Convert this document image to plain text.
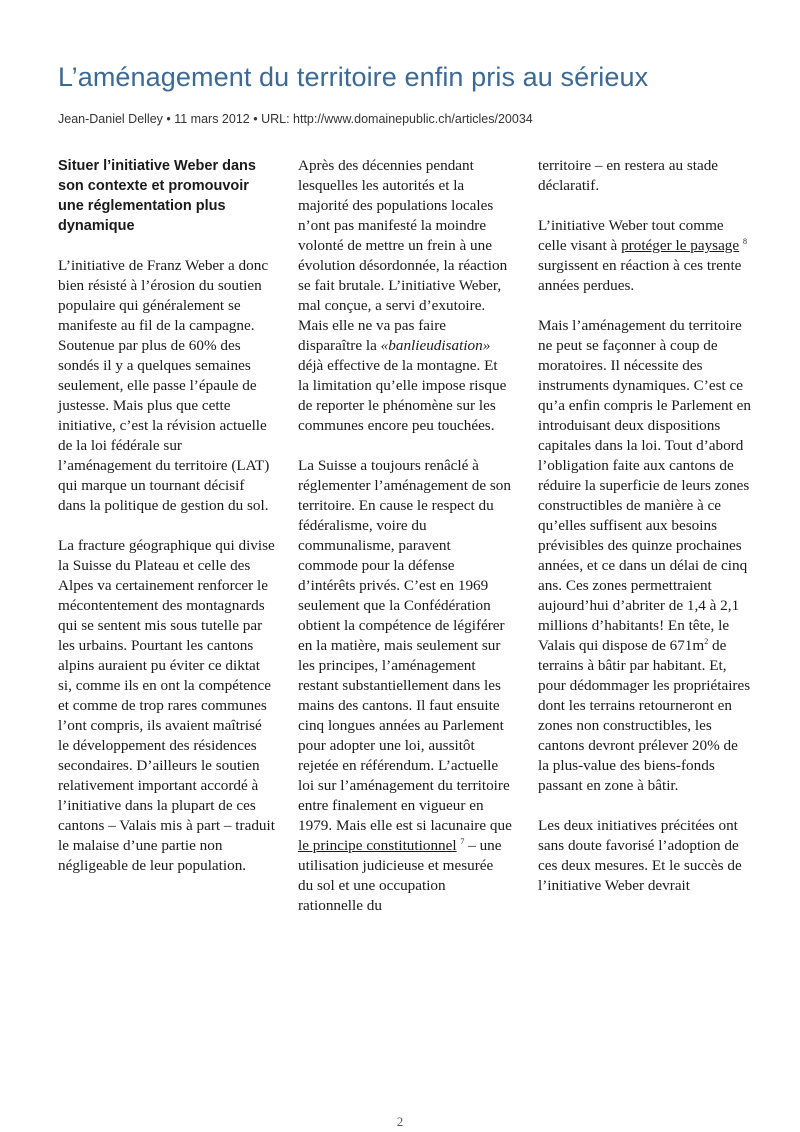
L’aménagement du territoire enfin pris au sérieux

Jean-Daniel Delley • 11 mars 2012 • URL: http://www.domainepublic.ch/articles/20034

Situer l’initiative Weber dans son contexte et promouvoir une réglementation plus dynamique

L’initiative de Franz Weber a donc bien résisté à l’érosion du soutien populaire qui généralement se manifeste au fil de la campagne. Soutenue par plus de 60% des sondés il y a quelques semaines seulement, elle passe l’épaule de justesse. Mais plus que cette initiative, c’est la révision actuelle de la loi fédérale sur l’aménagement du territoire (LAT) qui marque un tournant décisif dans la politique de gestion du sol.

La fracture géographique qui divise la Suisse du Plateau et celle des Alpes va certainement renforcer le mécontentement des montagnards qui se sentent mis sous tutelle par les urbains. Pourtant les cantons alpins auraient pu éviter ce diktat si, comme ils en ont la compétence et comme de trop rares communes l’ont compris, ils avaient maîtrisé le développement des résidences secondaires. D’ailleurs le soutien relativement important accordé à l’initiative dans la plupart de ces cantons – Valais mis à part – traduit le malaise d’une partie non négligeable de leur population.

Après des décennies pendant lesquelles les autorités et la majorité des populations locales n’ont pas manifesté la moindre volonté de mettre un frein à une évolution désordonnée, la réaction se fait brutale. L’initiative Weber, mal conçue, a servi d’exutoire. Mais elle ne va pas faire disparaître la «banlieudisation» déjà effective de la montagne. Et la limitation qu’elle impose risque de reporter le phénomène sur les communes encore peu touchées.

La Suisse a toujours renâclé à réglementer l’aménagement de son territoire. En cause le respect du fédéralisme, voire du communalisme, paravent commode pour la défense d’intérêts privés. C’est en 1969 seulement que la Confédération obtient la compétence de légiférer en la matière, mais seulement sur les principes, l’aménagement restant substantiellement dans les mains des cantons. Il faut ensuite cinq longues années au Parlement pour adopter une loi, aussitôt rejetée en référendum. L’actuelle loi sur l’aménagement du territoire entre finalement en vigueur en 1979. Mais elle est si lacunaire que le principe constitutionnel $^7$ – une utilisation judicieuse et mesurée du sol et une occupation rationnelle du

territoire – en restera au stade déclaratif.

L’initiative Weber tout comme celle visant à protéger le paysage $^8$ surgissent en réaction à ces trente années perdues.

Mais l’aménagement du territoire ne peut se façonner à coup de moratoires. Il nécessite des instruments dynamiques. C’est ce qu’a enfin compris le Parlement en introduisant deux dispositions capitales dans la loi. Tout d’abord l’obligation faite aux cantons de réduire la superficie de leurs zones constructibles de manière à ce qu’elles suffisent aux besoins prévisibles des quinze prochaines années, et ce dans un délai de cinq ans. Ces zones permettraient aujourd’hui d’abriter de 1,4 à 2,1 millions d’habitants! En tête, le Valais qui dispose de 671m$^2$ de terrains à bâtir par habitant. Et, pour dédommager les propriétaires dont les terrains retourneront en zones non constructibles, les cantons devront prélever 20% de la plus-value des biens-fonds passant en zone à bâtir.

Les deux initiatives précitées ont sans doute favorisé l’adoption de ces deux mesures. Et le succès de l’initiative Weber devrait

2
